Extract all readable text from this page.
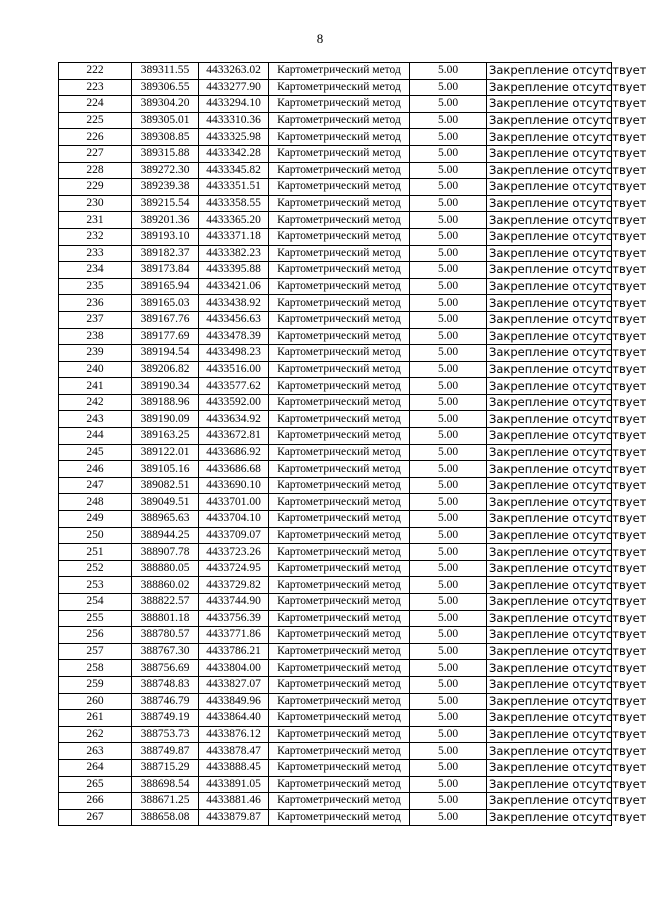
8
222	389311.55	4433263.02	Картометрический метод	5.00	Закрепление отсутствует
223	389306.55	4433277.90	Картометрический метод	5.00	Закрепление отсутствует
224	389304.20	4433294.10	Картометрический метод	5.00	Закрепление отсутствует
225	389305.01	4433310.36	Картометрический метод	5.00	Закрепление отсутствует
226	389308.85	4433325.98	Картометрический метод	5.00	Закрепление отсутствует
227	389315.88	4433342.28	Картометрический метод	5.00	Закрепление отсутствует
228	389272.30	4433345.82	Картометрический метод	5.00	Закрепление отсутствует
229	389239.38	4433351.51	Картометрический метод	5.00	Закрепление отсутствует
230	389215.54	4433358.55	Картометрический метод	5.00	Закрепление отсутствует
231	389201.36	4433365.20	Картометрический метод	5.00	Закрепление отсутствует
232	389193.10	4433371.18	Картометрический метод	5.00	Закрепление отсутствует
233	389182.37	4433382.23	Картометрический метод	5.00	Закрепление отсутствует
234	389173.84	4433395.88	Картометрический метод	5.00	Закрепление отсутствует
235	389165.94	4433421.06	Картометрический метод	5.00	Закрепление отсутствует
236	389165.03	4433438.92	Картометрический метод	5.00	Закрепление отсутствует
237	389167.76	4433456.63	Картометрический метод	5.00	Закрепление отсутствует
238	389177.69	4433478.39	Картометрический метод	5.00	Закрепление отсутствует
239	389194.54	4433498.23	Картометрический метод	5.00	Закрепление отсутствует
240	389206.82	4433516.00	Картометрический метод	5.00	Закрепление отсутствует
241	389190.34	4433577.62	Картометрический метод	5.00	Закрепление отсутствует
242	389188.96	4433592.00	Картометрический метод	5.00	Закрепление отсутствует
243	389190.09	4433634.92	Картометрический метод	5.00	Закрепление отсутствует
244	389163.25	4433672.81	Картометрический метод	5.00	Закрепление отсутствует
245	389122.01	4433686.92	Картометрический метод	5.00	Закрепление отсутствует
246	389105.16	4433686.68	Картометрический метод	5.00	Закрепление отсутствует
247	389082.51	4433690.10	Картометрический метод	5.00	Закрепление отсутствует
248	389049.51	4433701.00	Картометрический метод	5.00	Закрепление отсутствует
249	388965.63	4433704.10	Картометрический метод	5.00	Закрепление отсутствует
250	388944.25	4433709.07	Картометрический метод	5.00	Закрепление отсутствует
251	388907.78	4433723.26	Картометрический метод	5.00	Закрепление отсутствует
252	388880.05	4433724.95	Картометрический метод	5.00	Закрепление отсутствует
253	388860.02	4433729.82	Картометрический метод	5.00	Закрепление отсутствует
254	388822.57	4433744.90	Картометрический метод	5.00	Закрепление отсутствует
255	388801.18	4433756.39	Картометрический метод	5.00	Закрепление отсутствует
256	388780.57	4433771.86	Картометрический метод	5.00	Закрепление отсутствует
257	388767.30	4433786.21	Картометрический метод	5.00	Закрепление отсутствует
258	388756.69	4433804.00	Картометрический метод	5.00	Закрепление отсутствует
259	388748.83	4433827.07	Картометрический метод	5.00	Закрепление отсутствует
260	388746.79	4433849.96	Картометрический метод	5.00	Закрепление отсутствует
261	388749.19	4433864.40	Картометрический метод	5.00	Закрепление отсутствует
262	388753.73	4433876.12	Картометрический метод	5.00	Закрепление отсутствует
263	388749.87	4433878.47	Картометрический метод	5.00	Закрепление отсутствует
264	388715.29	4433888.45	Картометрический метод	5.00	Закрепление отсутствует
265	388698.54	4433891.05	Картометрический метод	5.00	Закрепление отсутствует
266	388671.25	4433881.46	Картометрический метод	5.00	Закрепление отсутствует
267	388658.08	4433879.87	Картометрический метод	5.00	Закрепление отсутствует
